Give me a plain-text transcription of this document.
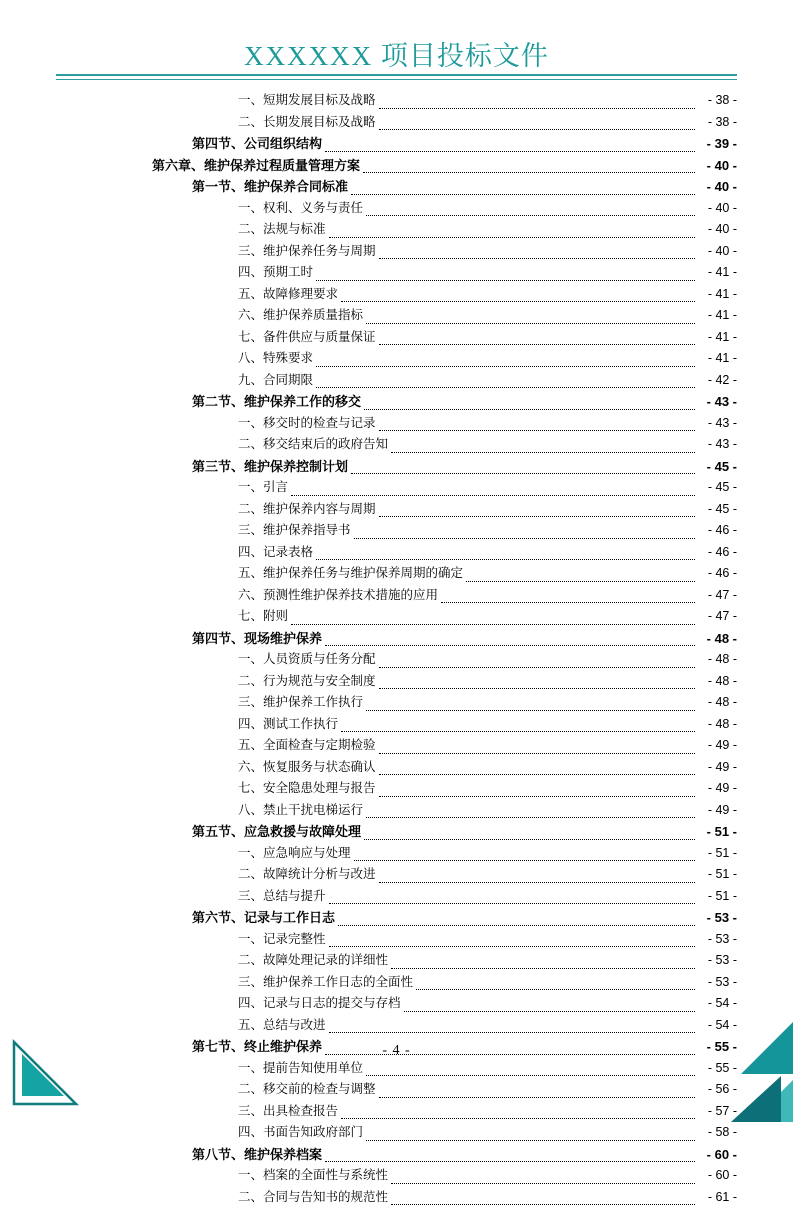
XXXXXX 项目投标文件
一、短期发展目标及战略	- 38 -
二、长期发展目标及战略	- 38 -
第四节、公司组织结构	- 39 -
第六章、维护保养过程质量管理方案	- 40 -
第一节、维护保养合同标准	- 40 -
一、权利、义务与责任	- 40 -
二、法规与标准	- 40 -
三、维护保养任务与周期	- 40 -
四、预期工时	- 41 -
五、故障修理要求	- 41 -
六、维护保养质量指标	- 41 -
七、备件供应与质量保证	- 41 -
八、特殊要求	- 41 -
九、合同期限	- 42 -
第二节、维护保养工作的移交	- 43 -
一、移交时的检查与记录	- 43 -
二、移交结束后的政府告知	- 43 -
第三节、维护保养控制计划	- 45 -
一、引言	- 45 -
二、维护保养内容与周期	- 45 -
三、维护保养指导书	- 46 -
四、记录表格	- 46 -
五、维护保养任务与维护保养周期的确定	- 46 -
六、预测性维护保养技术措施的应用	- 47 -
七、附则	- 47 -
第四节、现场维护保养	- 48 -
一、人员资质与任务分配	- 48 -
二、行为规范与安全制度	- 48 -
三、维护保养工作执行	- 48 -
四、测试工作执行	- 48 -
五、全面检查与定期检验	- 49 -
六、恢复服务与状态确认	- 49 -
七、安全隐患处理与报告	- 49 -
八、禁止干扰电梯运行	- 49 -
第五节、应急救援与故障处理	- 51 -
一、应急响应与处理	- 51 -
二、故障统计分析与改进	- 51 -
三、总结与提升	- 51 -
第六节、记录与工作日志	- 53 -
一、记录完整性	- 53 -
二、故障处理记录的详细性	- 53 -
三、维护保养工作日志的全面性	- 53 -
四、记录与日志的提交与存档	- 54 -
五、总结与改进	- 54 -
第七节、终止维护保养	- 55 -
一、提前告知使用单位	- 55 -
二、移交前的检查与调整	- 56 -
三、出具检查报告	- 57 -
四、书面告知政府部门	- 58 -
第八节、维护保养档案	- 60 -
一、档案的全面性与系统性	- 60 -
二、合同与告知书的规范性	- 61 -
- 4 -
